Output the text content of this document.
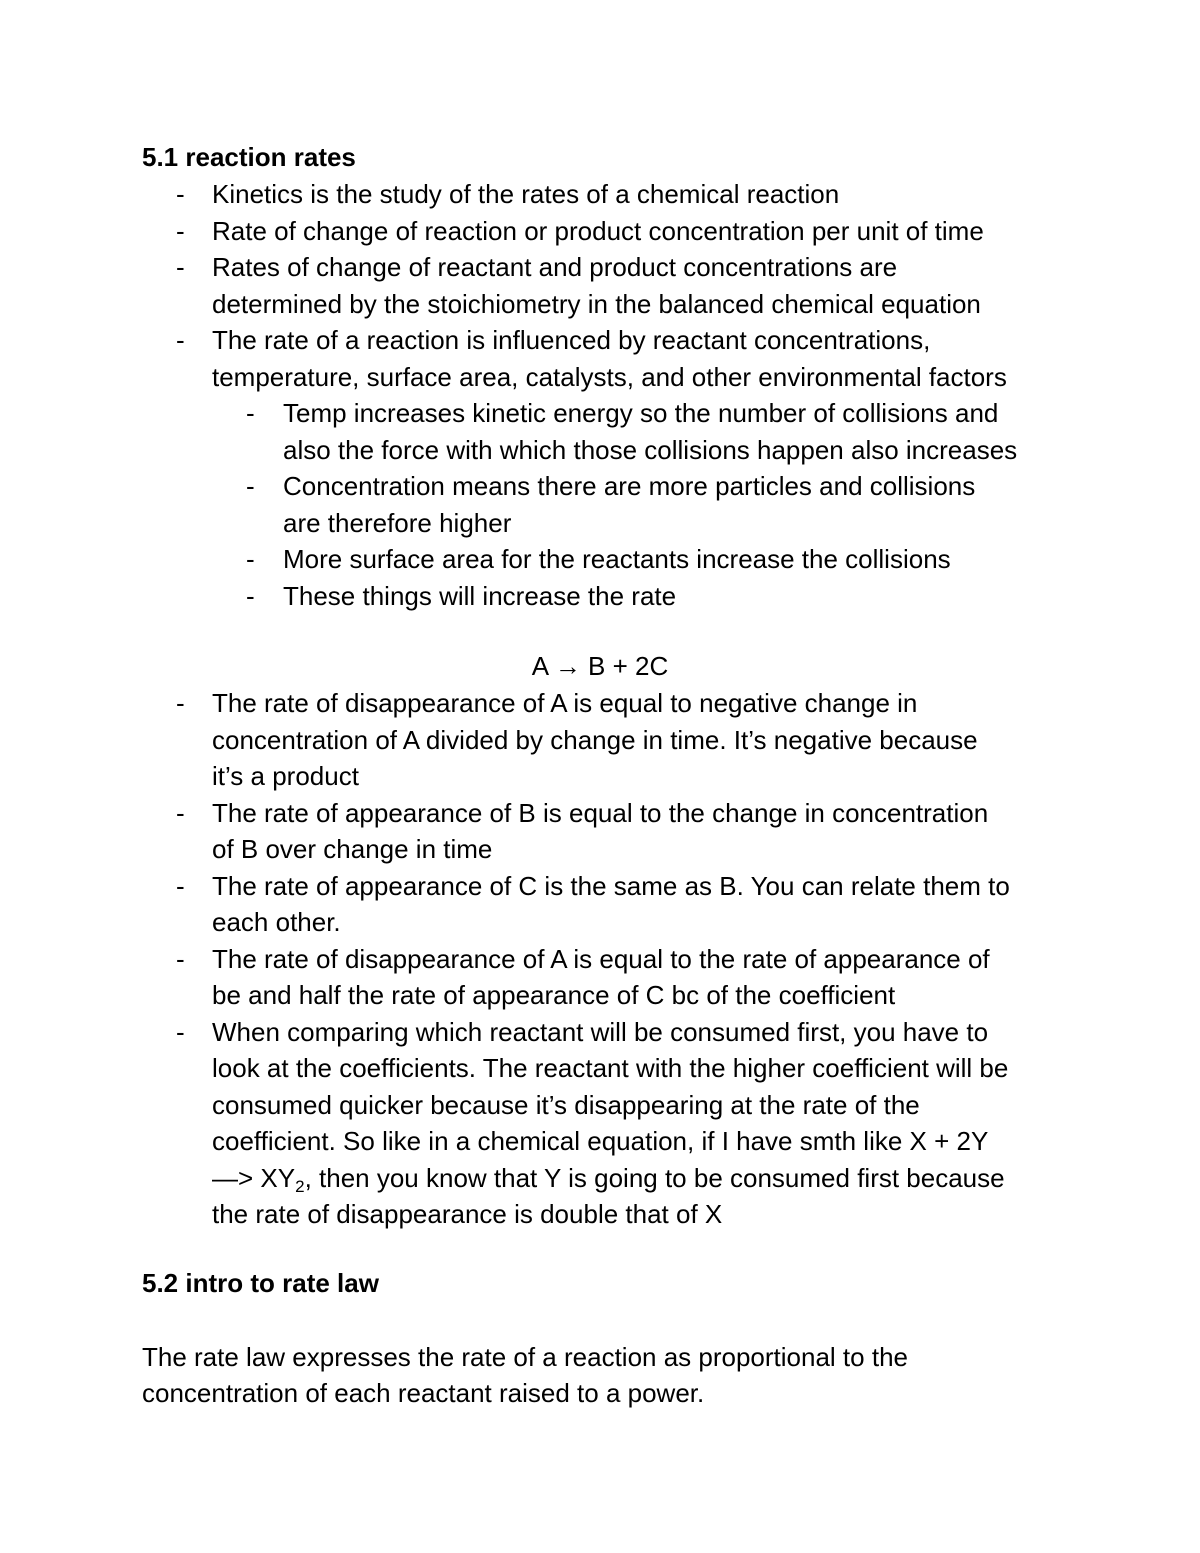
5.1 reaction rates
- Kinetics is the study of the rates of a chemical reaction
- Rate of change of reaction or product concentration per unit of time
- Rates of change of reactant and product concentrations are
determined by the stoichiometry in the balanced chemical equation
- The rate of a reaction is influenced by reactant concentrations,
temperature, surface area, catalysts, and other environmental factors
- Temp increases kinetic energy so the number of collisions and
also the force with which those collisions happen also increases
- Concentration means there are more particles and collisions
are therefore higher
- More surface area for the reactants increase the collisions
- These things will increase the rate
A → B + 2C
- The rate of disappearance of A is equal to negative change in
concentration of A divided by change in time. It’s negative because
it’s a product
- The rate of appearance of B is equal to the change in concentration
of B over change in time
- The rate of appearance of C is the same as B. You can relate them to
each other.
- The rate of disappearance of A is equal to the rate of appearance of
be and half the rate of appearance of C bc of the coefficient
- When comparing which reactant will be consumed first, you have to
look at the coefficients. The reactant with the higher coefficient will be
consumed quicker because it’s disappearing at the rate of the
coefficient. So like in a chemical equation, if I have smth like X + 2Y
—> $XY_2$, then you know that Y is going to be consumed first because
the rate of disappearance is double that of X
5.2 intro to rate law

The rate law expresses the rate of a reaction as proportional to the
concentration of each reactant raised to a power.
